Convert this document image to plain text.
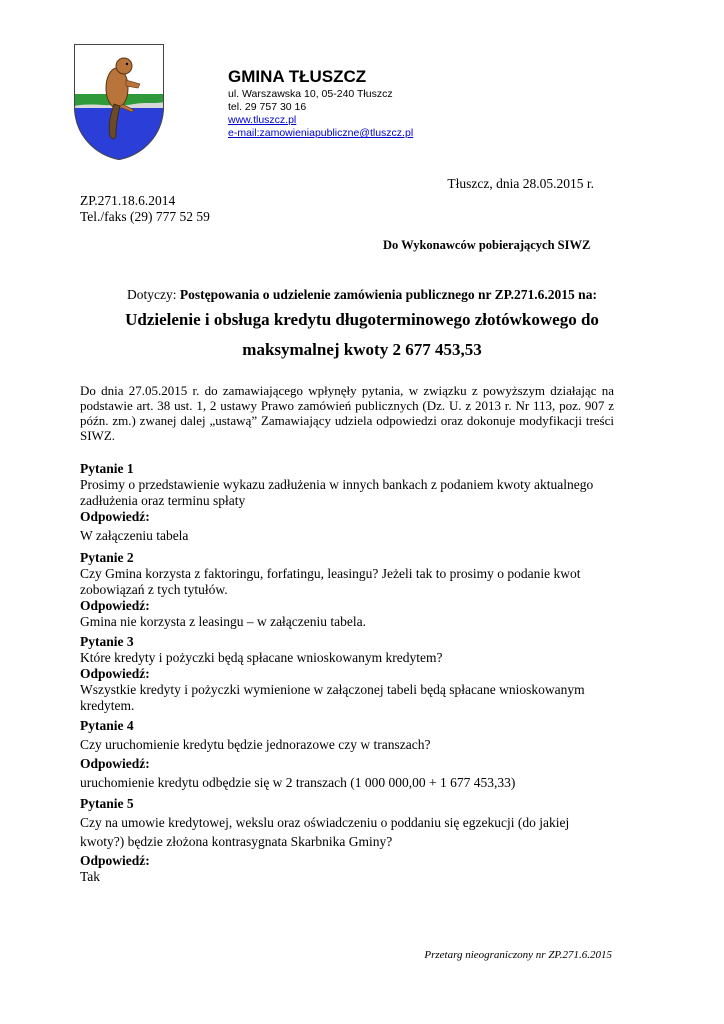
GMINA TŁUSZCZ
ul. Warszawska 10, 05-240 Tłuszcz
tel. 29 757 30 16
www.tluszcz.pl
e-mail:zamowieniapubliczne@tluszcz.pl
Tłuszcz, dnia 28.05.2015 r.
ZP.271.18.6.2014
Tel./faks (29) 777 52 59
Do Wykonawców pobierających SIWZ
Dotyczy: Postępowania o udzielenie zamówienia publicznego nr ZP.271.6.2015 na:
Udzielenie i obsługa kredytu długoterminowego złotówkowego do
maksymalnej kwoty 2 677 453,53
Do dnia 27.05.2015 r. do zamawiającego wpłynęły pytania, w związku z powyższym działając na podstawie art. 38 ust. 1, 2 ustawy Prawo zamówień publicznych (Dz. U. z 2013 r. Nr 113, poz. 907 z późn. zm.) zwanej dalej „ustawą” Zamawiający udziela odpowiedzi oraz dokonuje modyfikacji treści SIWZ.
Pytanie 1
Prosimy o przedstawienie wykazu zadłużenia w innych bankach z podaniem kwoty aktualnego
zadłużenia oraz terminu spłaty
Odpowiedź:
W załączeniu tabela
Pytanie 2
Czy Gmina korzysta z faktoringu, forfatingu, leasingu? Jeżeli tak to prosimy o podanie kwot
zobowiązań z tych tytułów.
Odpowiedź:
Gmina nie korzysta z leasingu – w załączeniu tabela.
Pytanie 3
Które kredyty i pożyczki będą spłacane wnioskowanym kredytem?
Odpowiedź:
Wszystkie kredyty i pożyczki wymienione w załączonej tabeli będą spłacane wnioskowanym kredytem.
Pytanie 4
Czy uruchomienie kredytu będzie jednorazowe czy w transzach?
Odpowiedź:
uruchomienie kredytu odbędzie się w 2 transzach (1 000 000,00 + 1 677 453,33)
Pytanie 5
Czy na umowie kredytowej, wekslu oraz oświadczeniu o poddaniu się egzekucji (do jakiej
kwoty?) będzie złożona kontrasygnata Skarbnika Gminy?
Odpowiedź:
Tak
Przetarg nieograniczony nr ZP.271.6.2015
